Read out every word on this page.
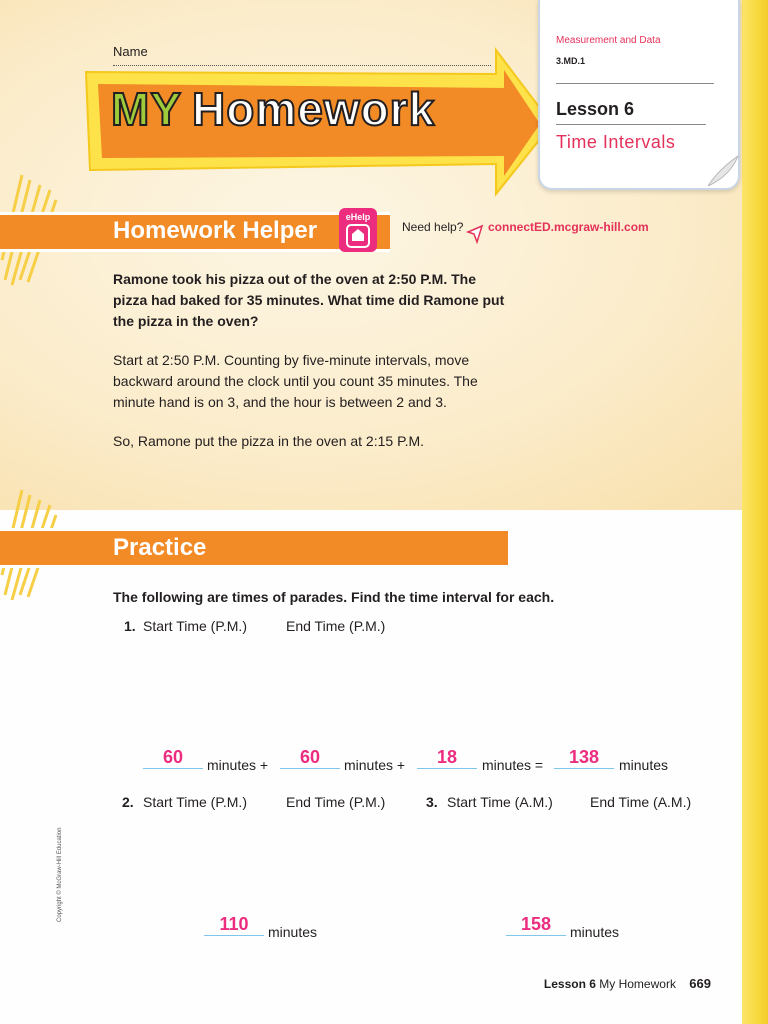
Name
MY Homework
Measurement and Data
3.MD.1
Lesson 6
Time Intervals
Homework Helper	eHelp
Need help? connectED.mcgraw-hill.com
Ramone took his pizza out of the oven at 2:50 P.M. The pizza had baked for 35 minutes. What time did Ramone put the pizza in the oven?
Start at 2:50 P.M. Counting by five-minute intervals, move backward around the clock until you count 35 minutes. The minute hand is on 3, and the hour is between 2 and 3.
So, Ramone put the pizza in the oven at 2:15 P.M.
Practice
The following are times of parades. Find the time interval for each.
1. Start Time (P.M.)	End Time (P.M.)
60	minutes +	60	minutes +	18	minutes =	138	minutes
2. Start Time (P.M.)	End Time (P.M.)	3. Start Time (A.M.)	End Time (A.M.)
110	minutes	158	minutes
Copyright © McGraw-Hill Education
Lesson 6 My Homework 669
